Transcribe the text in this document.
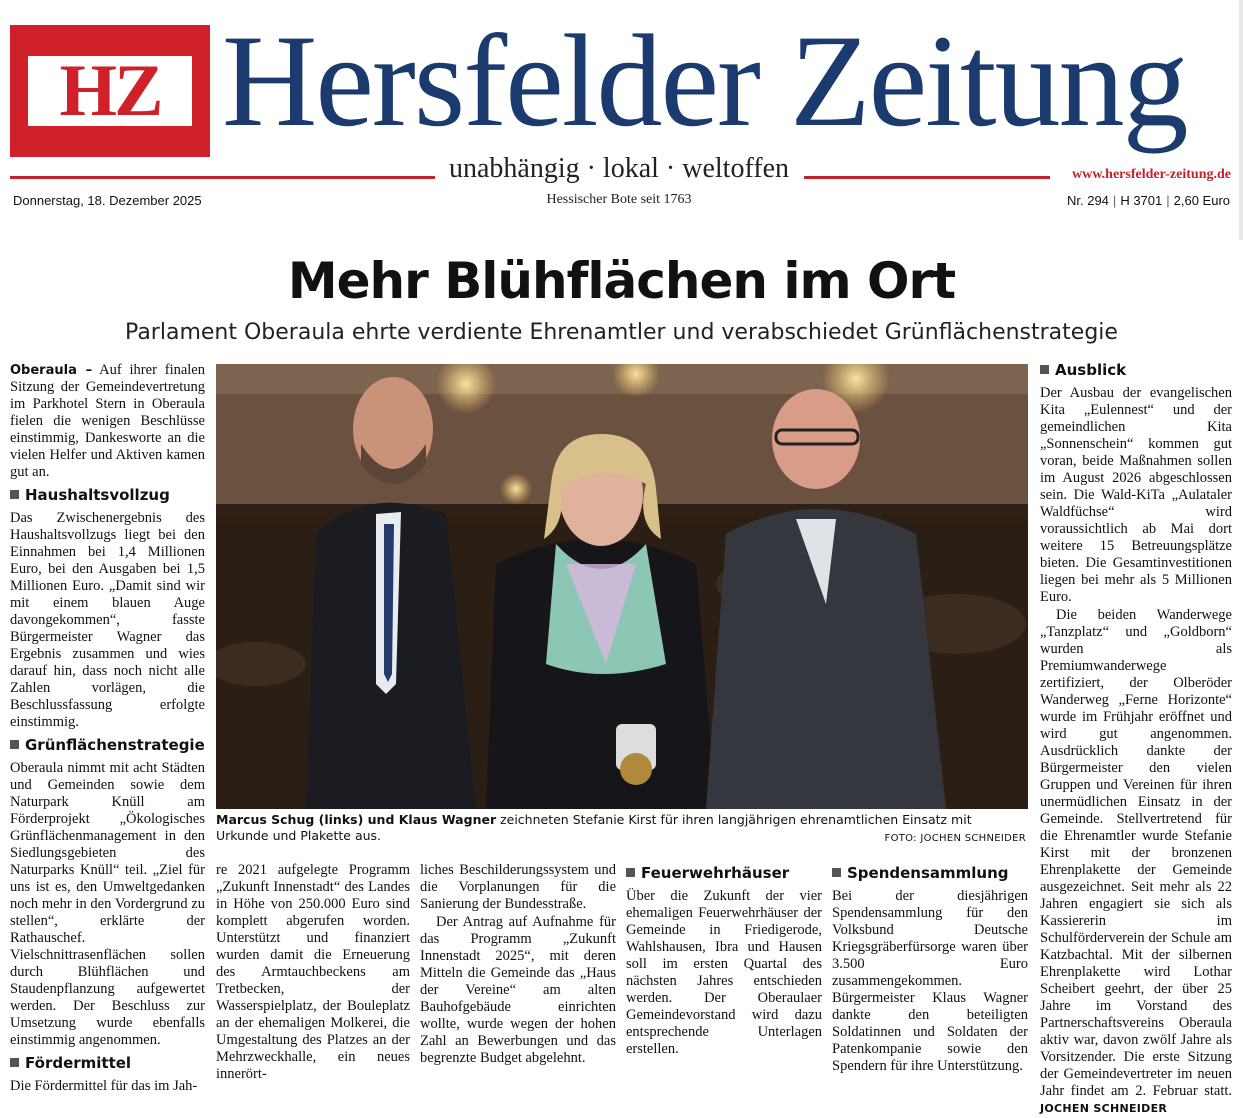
HZ Hersfelder Zeitung
unabhängig · lokal · weltoffen	www.hersfelder-zeitung.de
Donnerstag, 18. Dezember 2025	Hessischer Bote seit 1763	Nr. 294 | H 3701 | 2,60 Euro
Mehr Blühflächen im Ort
Parlament Oberaula ehrte verdiente Ehrenamtler und verabschiedet Grünflächenstrategie

Oberaula – Auf ihrer finalen Sitzung der Gemeindevertretung im Parkhotel Stern in Oberaula fielen die wenigen Beschlüsse einstimmig, Dankesworte an die vielen Helfer und Aktiven kamen gut an.

Haushaltsvollzug

Das Zwischenergebnis des Haushaltsvollzugs liegt bei den Einnahmen bei 1,4 Millionen Euro, bei den Ausgaben bei 1,5 Millionen Euro. „Damit sind wir mit einem blauen Auge davongekommen“, fasste Bürgermeister Wagner das Ergebnis zusammen und wies darauf hin, dass noch nicht alle Zahlen vorlägen, die Beschlussfassung erfolgte einstimmig.

Grünflächenstrategie

Oberaula nimmt mit acht Städten und Gemeinden sowie dem Naturpark Knüll am Förderprojekt „Ökologisches Grünflächenmanagement in den Siedlungsgebieten des Naturparks Knüll“ teil. „Ziel für uns ist es, den Umweltgedanken noch mehr in den Vordergrund zu stellen“, erklärte der Rathauschef. Vielschnittrasenflächen sollen durch Blühflächen und Staudenpflanzung aufgewertet werden. Der Beschluss zur Umsetzung wurde ebenfalls einstimmig angenommen.

Fördermittel

Die Fördermittel für das im Jah-

Marcus Schug (links) und Klaus Wagner zeichneten Stefanie Kirst für ihren langjährigen ehrenamtlichen Einsatz mit Urkunde und Plakette aus.	FOTO: JOCHEN SCHNEIDER

re 2021 aufgelegte Programm „Zukunft Innenstadt“ des Landes in Höhe von 250.000 Euro sind komplett abgerufen worden. Unterstützt und finanziert wurden damit die Erneuerung des Armtauchbeckens am Tretbecken, der Wasserspielplatz, der Bouleplatz an der ehemaligen Molkerei, die Umgestaltung des Platzes an der Mehrzweckhalle, ein neues innerört-

liches Beschilderungssystem und die Vorplanungen für die Sanierung der Bundesstraße.

Der Antrag auf Aufnahme für das Programm „Zukunft Innenstadt 2025“, mit deren Mitteln die Gemeinde das „Haus der Vereine“ am alten Bauhofgebäude einrichten wollte, wurde wegen der hohen Zahl an Bewerbungen und das begrenzte Budget abgelehnt.

Feuerwehrhäuser

Über die Zukunft der vier ehemaligen Feuerwehrhäuser der Gemeinde in Friedigerode, Wahlshausen, Ibra und Hausen soll im ersten Quartal des nächsten Jahres entschieden werden. Der Oberaulaer Gemeindevorstand wird dazu entsprechende Unterlagen erstellen.

Spendensammlung

Bei der diesjährigen Spendensammlung für den Volksbund Deutsche Kriegsgräberfürsorge waren über 3.500 Euro zusammengekommen. Bürgermeister Klaus Wagner dankte den beteiligten Soldatinnen und Soldaten der Patenkompanie sowie den Spendern für ihre Unterstützung.

Ausblick

Der Ausbau der evangelischen Kita „Eulennest“ und der gemeindlichen Kita „Sonnenschein“ kommen gut voran, beide Maßnahmen sollen im August 2026 abgeschlossen sein. Die Wald-KiTa „Aulataler Waldfüchse“ wird voraussichtlich ab Mai dort weitere 15 Betreuungsplätze bieten. Die Gesamtinvestitionen liegen bei mehr als 5 Millionen Euro.

Die beiden Wanderwege „Tanzplatz“ und „Goldborn“ wurden als Premiumwanderwege zertifiziert, der Olberöder Wanderweg „Ferne Horizonte“ wurde im Frühjahr eröffnet und wird gut angenommen. Ausdrücklich dankte der Bürgermeister den vielen Gruppen und Vereinen für ihren unermüdlichen Einsatz in der Gemeinde. Stellvertretend für die Ehrenamtler wurde Stefanie Kirst mit der bronzenen Ehrenplakette der Gemeinde ausgezeichnet. Seit mehr als 22 Jahren engagiert sie sich als Kassiererin im Schulförderverein der Schule am Katzbachtal. Mit der silbernen Ehrenplakette wird Lothar Scheibert geehrt, der über 25 Jahre im Vorstand des Partnerschaftsvereins Oberaula aktiv war, davon zwölf Jahre als Vorsitzender. Die erste Sitzung der Gemeindevertreter im neuen Jahr findet am 2. Februar statt. JOCHEN SCHNEIDER
